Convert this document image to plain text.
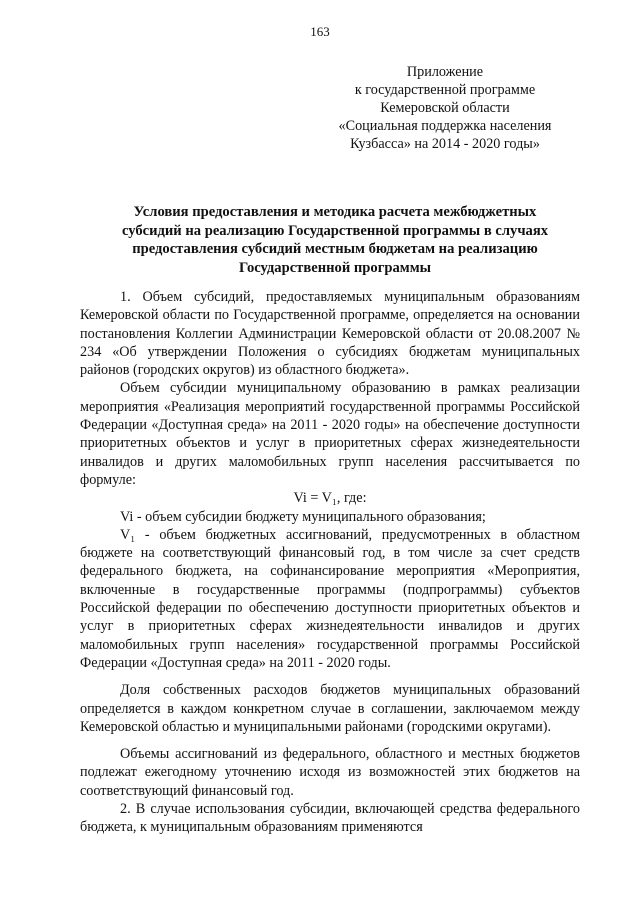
163
Приложение
к государственной программе
Кемеровской области
«Социальная поддержка населения
Кузбасса» на 2014 - 2020 годы»
Условия предоставления и методика расчета межбюджетных
субсидий на реализацию Государственной программы в случаях
предоставления субсидий местным бюджетам на реализацию
Государственной программы

1. Объем субсидий, предоставляемых муниципальным образованиям Кемеровской области по Государственной программе, определяется на основании постановления Коллегии Администрации Кемеровской области от 20.08.2007 № 234 «Об утверждении Положения о субсидиях бюджетам муниципальных районов (городских округов) из областного бюджета».

Объем субсидии муниципальному образованию в рамках реализации мероприятия «Реализация мероприятий государственной программы Российской Федерации «Доступная среда» на 2011 - 2020 годы» на обеспечение доступности приоритетных объектов и услуг в приоритетных сферах жизнедеятельности инвалидов и других маломобильных групп населения рассчитывается по формуле:

Vi = V₁, где:

Vi - объем субсидии бюджету муниципального образования;

V₁ - объем бюджетных ассигнований, предусмотренных в областном бюджете на соответствующий финансовый год, в том числе за счет средств федерального бюджета, на софинансирование мероприятия «Мероприятия, включенные в государственные программы (подпрограммы) субъектов Российской федерации по обеспечению доступности приоритетных объектов и услуг в приоритетных сферах жизнедеятельности инвалидов и других маломобильных групп населения» государственной программы Российской Федерации «Доступная среда» на 2011 - 2020 годы.

Доля собственных расходов бюджетов муниципальных образований определяется в каждом конкретном случае в соглашении, заключаемом между Кемеровской областью и муниципальными районами (городскими округами).

Объемы ассигнований из федерального, областного и местных бюджетов подлежат ежегодному уточнению исходя из возможностей этих бюджетов на соответствующий финансовый год.

2. В случае использования субсидии, включающей средства федерального бюджета, к муниципальным образованиям применяются
